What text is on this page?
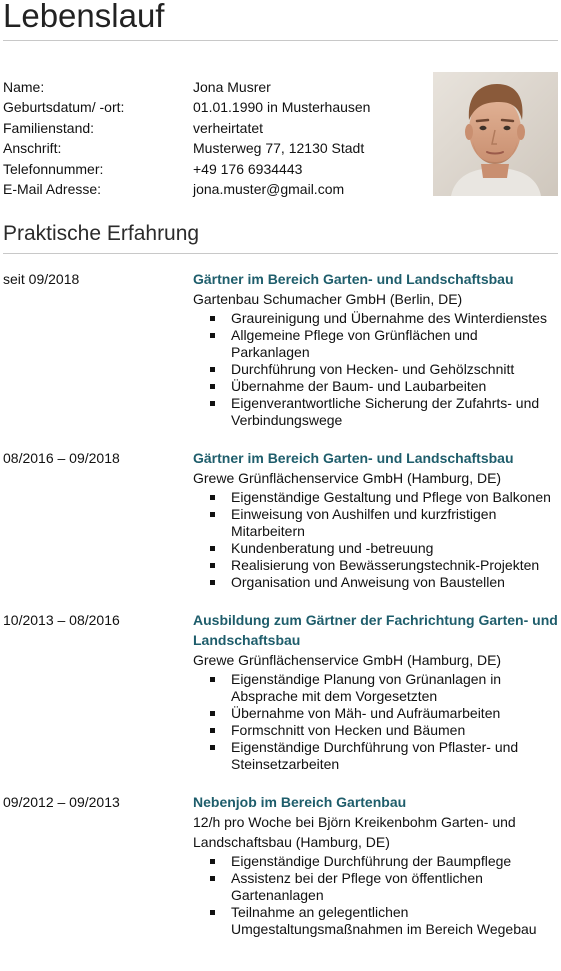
Lebenslauf
Name:	Jona Musrer
Geburtsdatum/ -ort:	01.01.1990 in Musterhausen
Familienstand:	verheirtatet
Anschrift:	Musterweg 77, 12130 Stadt
Telefonnummer:	+49 176 6934443
E-Mail Adresse:	jona.muster@gmail.com
Praktische Erfahrung
seit 09/2018	Gärtner im Bereich Garten- und Landschaftsbau
Gartenbau Schumacher GmbH (Berlin, DE)
Graureinigung und Übernahme des Winterdienstes
Allgemeine Pflege von Grünflächen und Parkanlagen
Durchführung von Hecken- und Gehölzschnitt
Übernahme der Baum- und Laubarbeiten
Eigenverantwortliche Sicherung der Zufahrts- und Verbindungswege
08/2016 – 09/2018	Gärtner im Bereich Garten- und Landschaftsbau
Grewe Grünflächenservice GmbH (Hamburg, DE)
Eigenständige Gestaltung und Pflege von Balkonen
Einweisung von Aushilfen und kurzfristigen Mitarbeitern
Kundenberatung und -betreuung
Realisierung von Bewässerungstechnik-Projekten
Organisation und Anweisung von Baustellen
10/2013 – 08/2016	Ausbildung zum Gärtner der Fachrichtung Garten- und Landschaftsbau
Grewe Grünflächenservice GmbH (Hamburg, DE)
Eigenständige Planung von Grünanlagen in Absprache mit dem Vorgesetzten
Übernahme von Mäh- und Aufräumarbeiten
Formschnitt von Hecken und Bäumen
Eigenständige Durchführung von Pflaster- und Steinsetzarbeiten
09/2012 – 09/2013	Nebenjob im Bereich Gartenbau
12/h pro Woche bei Björn Kreikenbohm Garten- und Landschaftsbau (Hamburg, DE)
Eigenständige Durchführung der Baumpflege
Assistenz bei der Pflege von öffentlichen Gartenanlagen
Teilnahme an gelegentlichen Umgestaltungsmaßnahmen im Bereich Wegebau
